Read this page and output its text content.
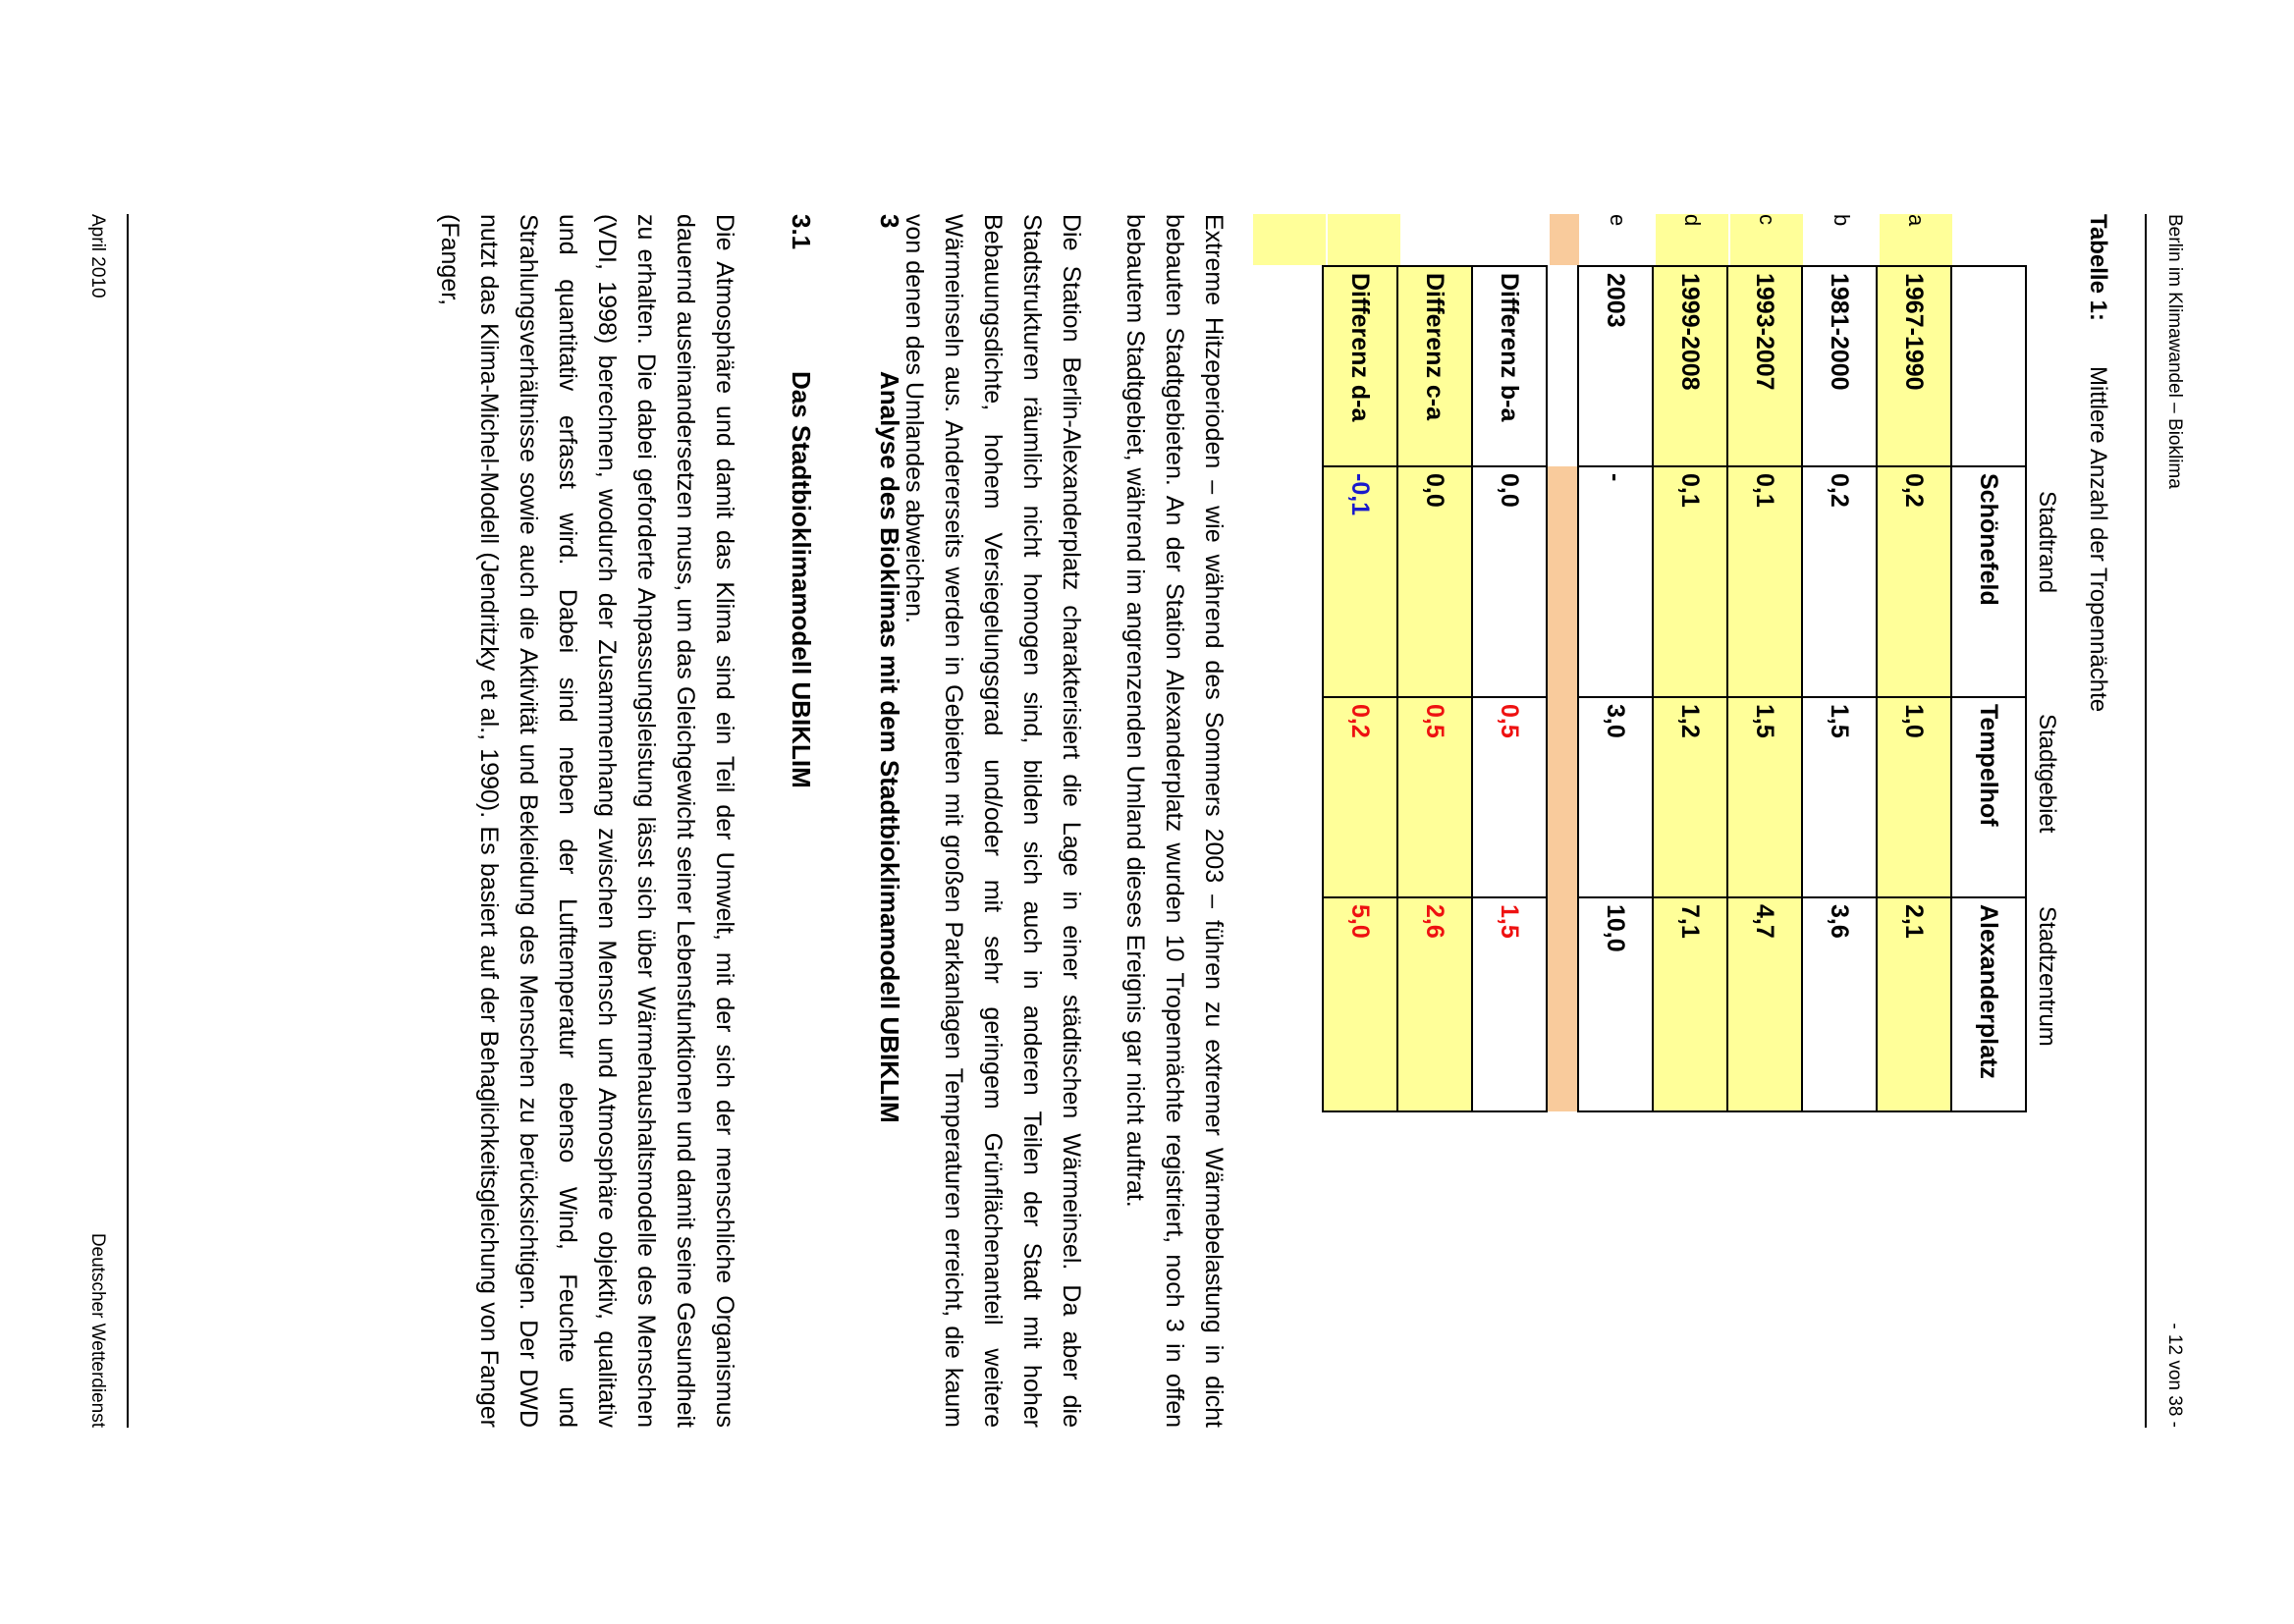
Berlin im Klimawandel – Bioklima
- 12 von 38 -
Tabelle 1:Mittlere Anzahl der Tropennächte
Stadtrand
Stadtgebiet
Stadtzentrum
a
b
c
d
e
	Schönefeld	Tempelhof	Alexanderplatz
1967-1990	0,2	1,0	2,1
1981-2000	0,2	1,5	3,6
1993-2007	0,1	1,5	4,7
1999-2008	0,1	1,2	7,1
2003	-	3,0	10,0

Differenz b-a	0,0	0,5	1,5
Differenz c-a	0,0	0,5	2,6
Differenz d-a	-0,1	0,2	5,0

Extreme Hitzeperioden – wie während des Sommers 2003 – führen zu extremer Wärmebelastung in dicht bebauten Stadtgebieten. An der Station Alexanderplatz wurden 10 Tropennächte registriert, noch 3 in offen bebautem Stadtgebiet, während im angrenzenden Umland dieses Ereignis gar nicht auftrat.

Die Station Berlin-Alexanderplatz charakterisiert die Lage in einer städtischen Wärmeinsel. Da aber die Stadtstrukturen räumlich nicht homogen sind, bilden sich auch in anderen Teilen der Stadt mit hoher Bebauungsdichte, hohem Versiegelungsgrad und/oder mit sehr geringem Grünflächenanteil weitere Wärmeinseln aus. Andererseits werden in Gebieten mit großen Parkanlagen Temperaturen erreicht, die kaum von denen des Umlandes abweichen.

3
Analyse des Bioklimas mit dem Stadtbioklimamodell UBIKLIM
3.1
Das Stadtbioklimamodell UBIKLIM

Die Atmosphäre und damit das Klima sind ein Teil der Umwelt, mit der sich der menschliche Organismus dauernd auseinandersetzen muss, um das Gleichgewicht seiner Lebensfunktionen und damit seine Gesundheit zu erhalten. Die dabei geforderte Anpassungsleistung lässt sich über Wärmehaushaltsmodelle des Menschen (VDI, 1998) berechnen, wodurch der Zusammenhang zwischen Mensch und Atmosphäre objektiv, qualitativ und quantitativ erfasst wird. Dabei sind neben der Lufttemperatur ebenso Wind, Feuchte und Strahlungsverhältnisse sowie auch die Aktivität und Bekleidung des Menschen zu berücksichtigen. Der DWD nutzt das Klima-Michel-Modell (Jendritzky et al., 1990). Es basiert auf der Behaglichkeitsgleichung von Fanger (Fanger,

April 2010
Deutscher Wetterdienst
